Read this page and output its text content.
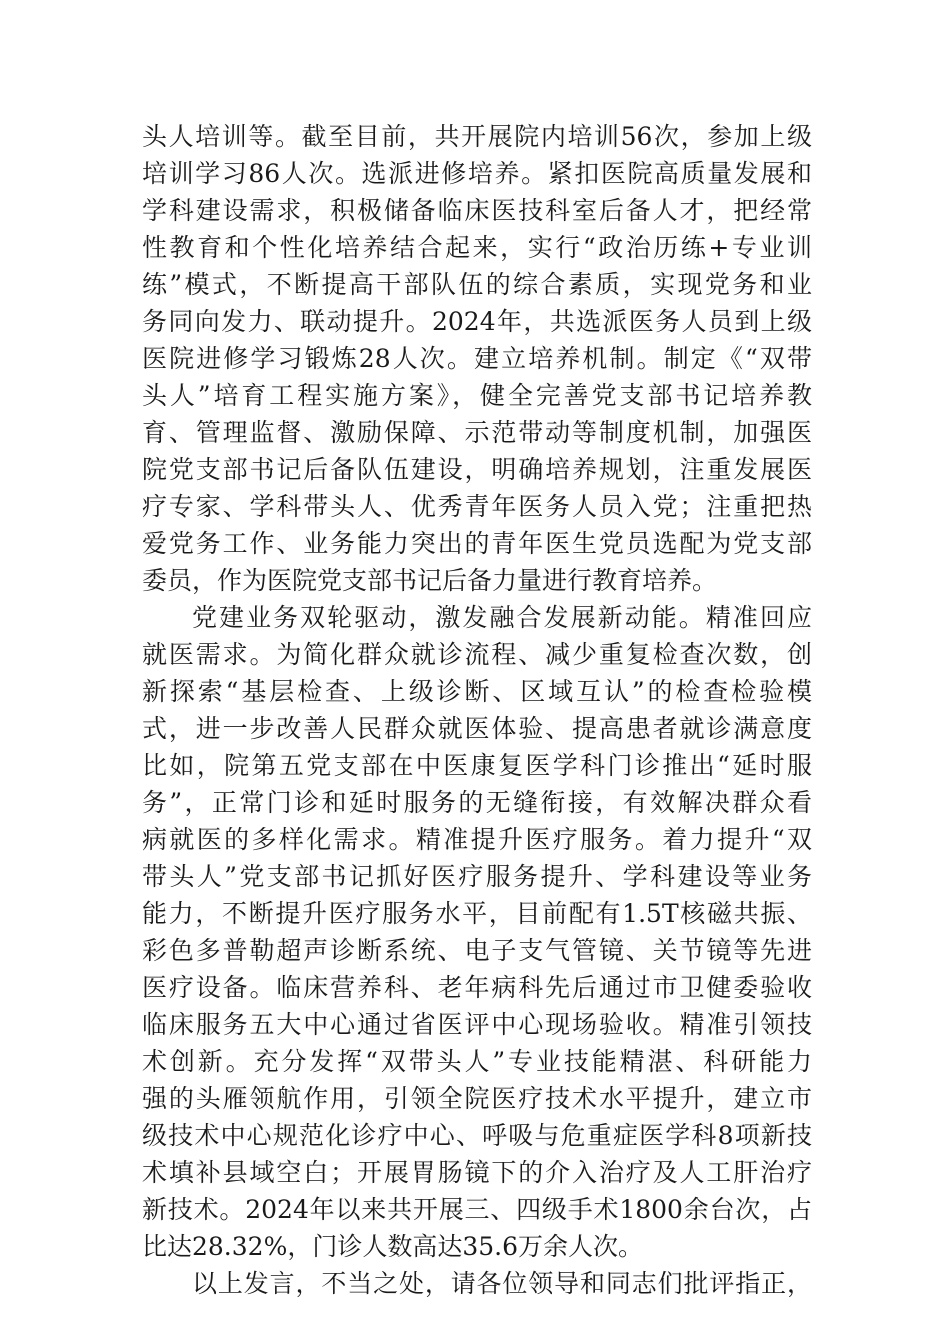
头人培训等。截至目前，共开展院内培训56次，参加上级
培训学习86人次。选派进修培养。紧扣医院高质量发展和
学科建设需求，积极储备临床医技科室后备人才，把经常
性教育和个性化培养结合起来，实行“政治历练+专业训
练”模式，不断提高干部队伍的综合素质，实现党务和业
务同向发力、联动提升。2024年，共选派医务人员到上级
医院进修学习锻炼28人次。建立培养机制。制定《“双带
头人”培育工程实施方案》，健全完善党支部书记培养教
育、管理监督、激励保障、示范带动等制度机制，加强医
院党支部书记后备队伍建设，明确培养规划，注重发展医
疗专家、学科带头人、优秀青年医务人员入党；注重把热
爱党务工作、业务能力突出的青年医生党员选配为党支部
委员，作为医院党支部书记后备力量进行教育培养。
党建业务双轮驱动，激发融合发展新动能。精准回应
就医需求。为简化群众就诊流程、减少重复检查次数，创
新探索“基层检查、上级诊断、区域互认”的检查检验模
式，进一步改善人民群众就医体验、提高患者就诊满意度
比如，院第五党支部在中医康复医学科门诊推出“延时服
务”，正常门诊和延时服务的无缝衔接，有效解决群众看
病就医的多样化需求。精准提升医疗服务。着力提升“双
带头人”党支部书记抓好医疗服务提升、学科建设等业务
能力，不断提升医疗服务水平，目前配有1.5T核磁共振、
彩色多普勒超声诊断系统、电子支气管镜、关节镜等先进
医疗设备。临床营养科、老年病科先后通过市卫健委验收
临床服务五大中心通过省医评中心现场验收。精准引领技
术创新。充分发挥“双带头人”专业技能精湛、科研能力
强的头雁领航作用，引领全院医疗技术水平提升，建立市
级技术中心规范化诊疗中心、呼吸与危重症医学科8项新技
术填补县域空白；开展胃肠镜下的介入治疗及人工肝治疗
新技术。2024年以来共开展三、四级手术1800余台次，占
比达28.32%，门诊人数高达35.6万余人次。
以上发言，不当之处，请各位领导和同志们批评指正，
